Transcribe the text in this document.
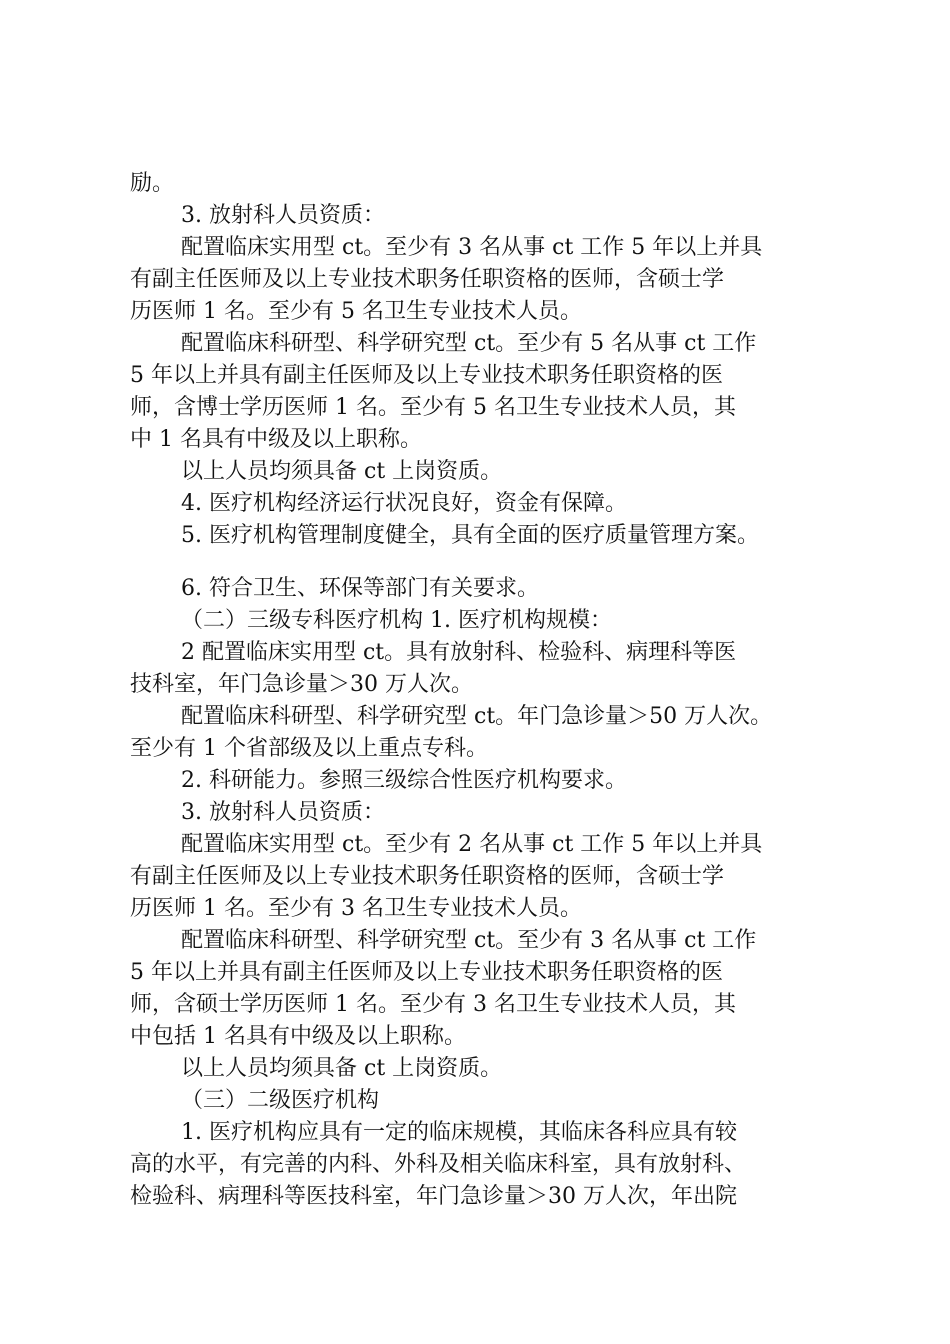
励。
3. 放射科人员资质：
配置临床实用型 ct。至少有 3 名从事 ct 工作 5 年以上并具
有副主任医师及以上专业技术职务任职资格的医师，含硕士学
历医师 1 名。至少有 5 名卫生专业技术人员。
配置临床科研型、科学研究型 ct。至少有 5 名从事 ct 工作
5 年以上并具有副主任医师及以上专业技术职务任职资格的医
师，含博士学历医师 1 名。至少有 5 名卫生专业技术人员，其
中 1 名具有中级及以上职称。
以上人员均须具备 ct 上岗资质。
4. 医疗机构经济运行状况良好，资金有保障。
5. 医疗机构管理制度健全，具有全面的医疗质量管理方案。
6. 符合卫生、环保等部门有关要求。
（二）三级专科医疗机构 1. 医疗机构规模：
2 配置临床实用型 ct。具有放射科、检验科、病理科等医
技科室，年门急诊量＞30 万人次。
配置临床科研型、科学研究型 ct。年门急诊量＞50 万人次。
至少有 1 个省部级及以上重点专科。
2. 科研能力。参照三级综合性医疗机构要求。
3. 放射科人员资质：
配置临床实用型 ct。至少有 2 名从事 ct 工作 5 年以上并具
有副主任医师及以上专业技术职务任职资格的医师，含硕士学
历医师 1 名。至少有 3 名卫生专业技术人员。
配置临床科研型、科学研究型 ct。至少有 3 名从事 ct 工作
5 年以上并具有副主任医师及以上专业技术职务任职资格的医
师，含硕士学历医师 1 名。至少有 3 名卫生专业技术人员，其
中包括 1 名具有中级及以上职称。
以上人员均须具备 ct 上岗资质。
（三）二级医疗机构
1. 医疗机构应具有一定的临床规模，其临床各科应具有较
高的水平，有完善的内科、外科及相关临床科室，具有放射科、
检验科、病理科等医技科室，年门急诊量＞30 万人次，年出院
